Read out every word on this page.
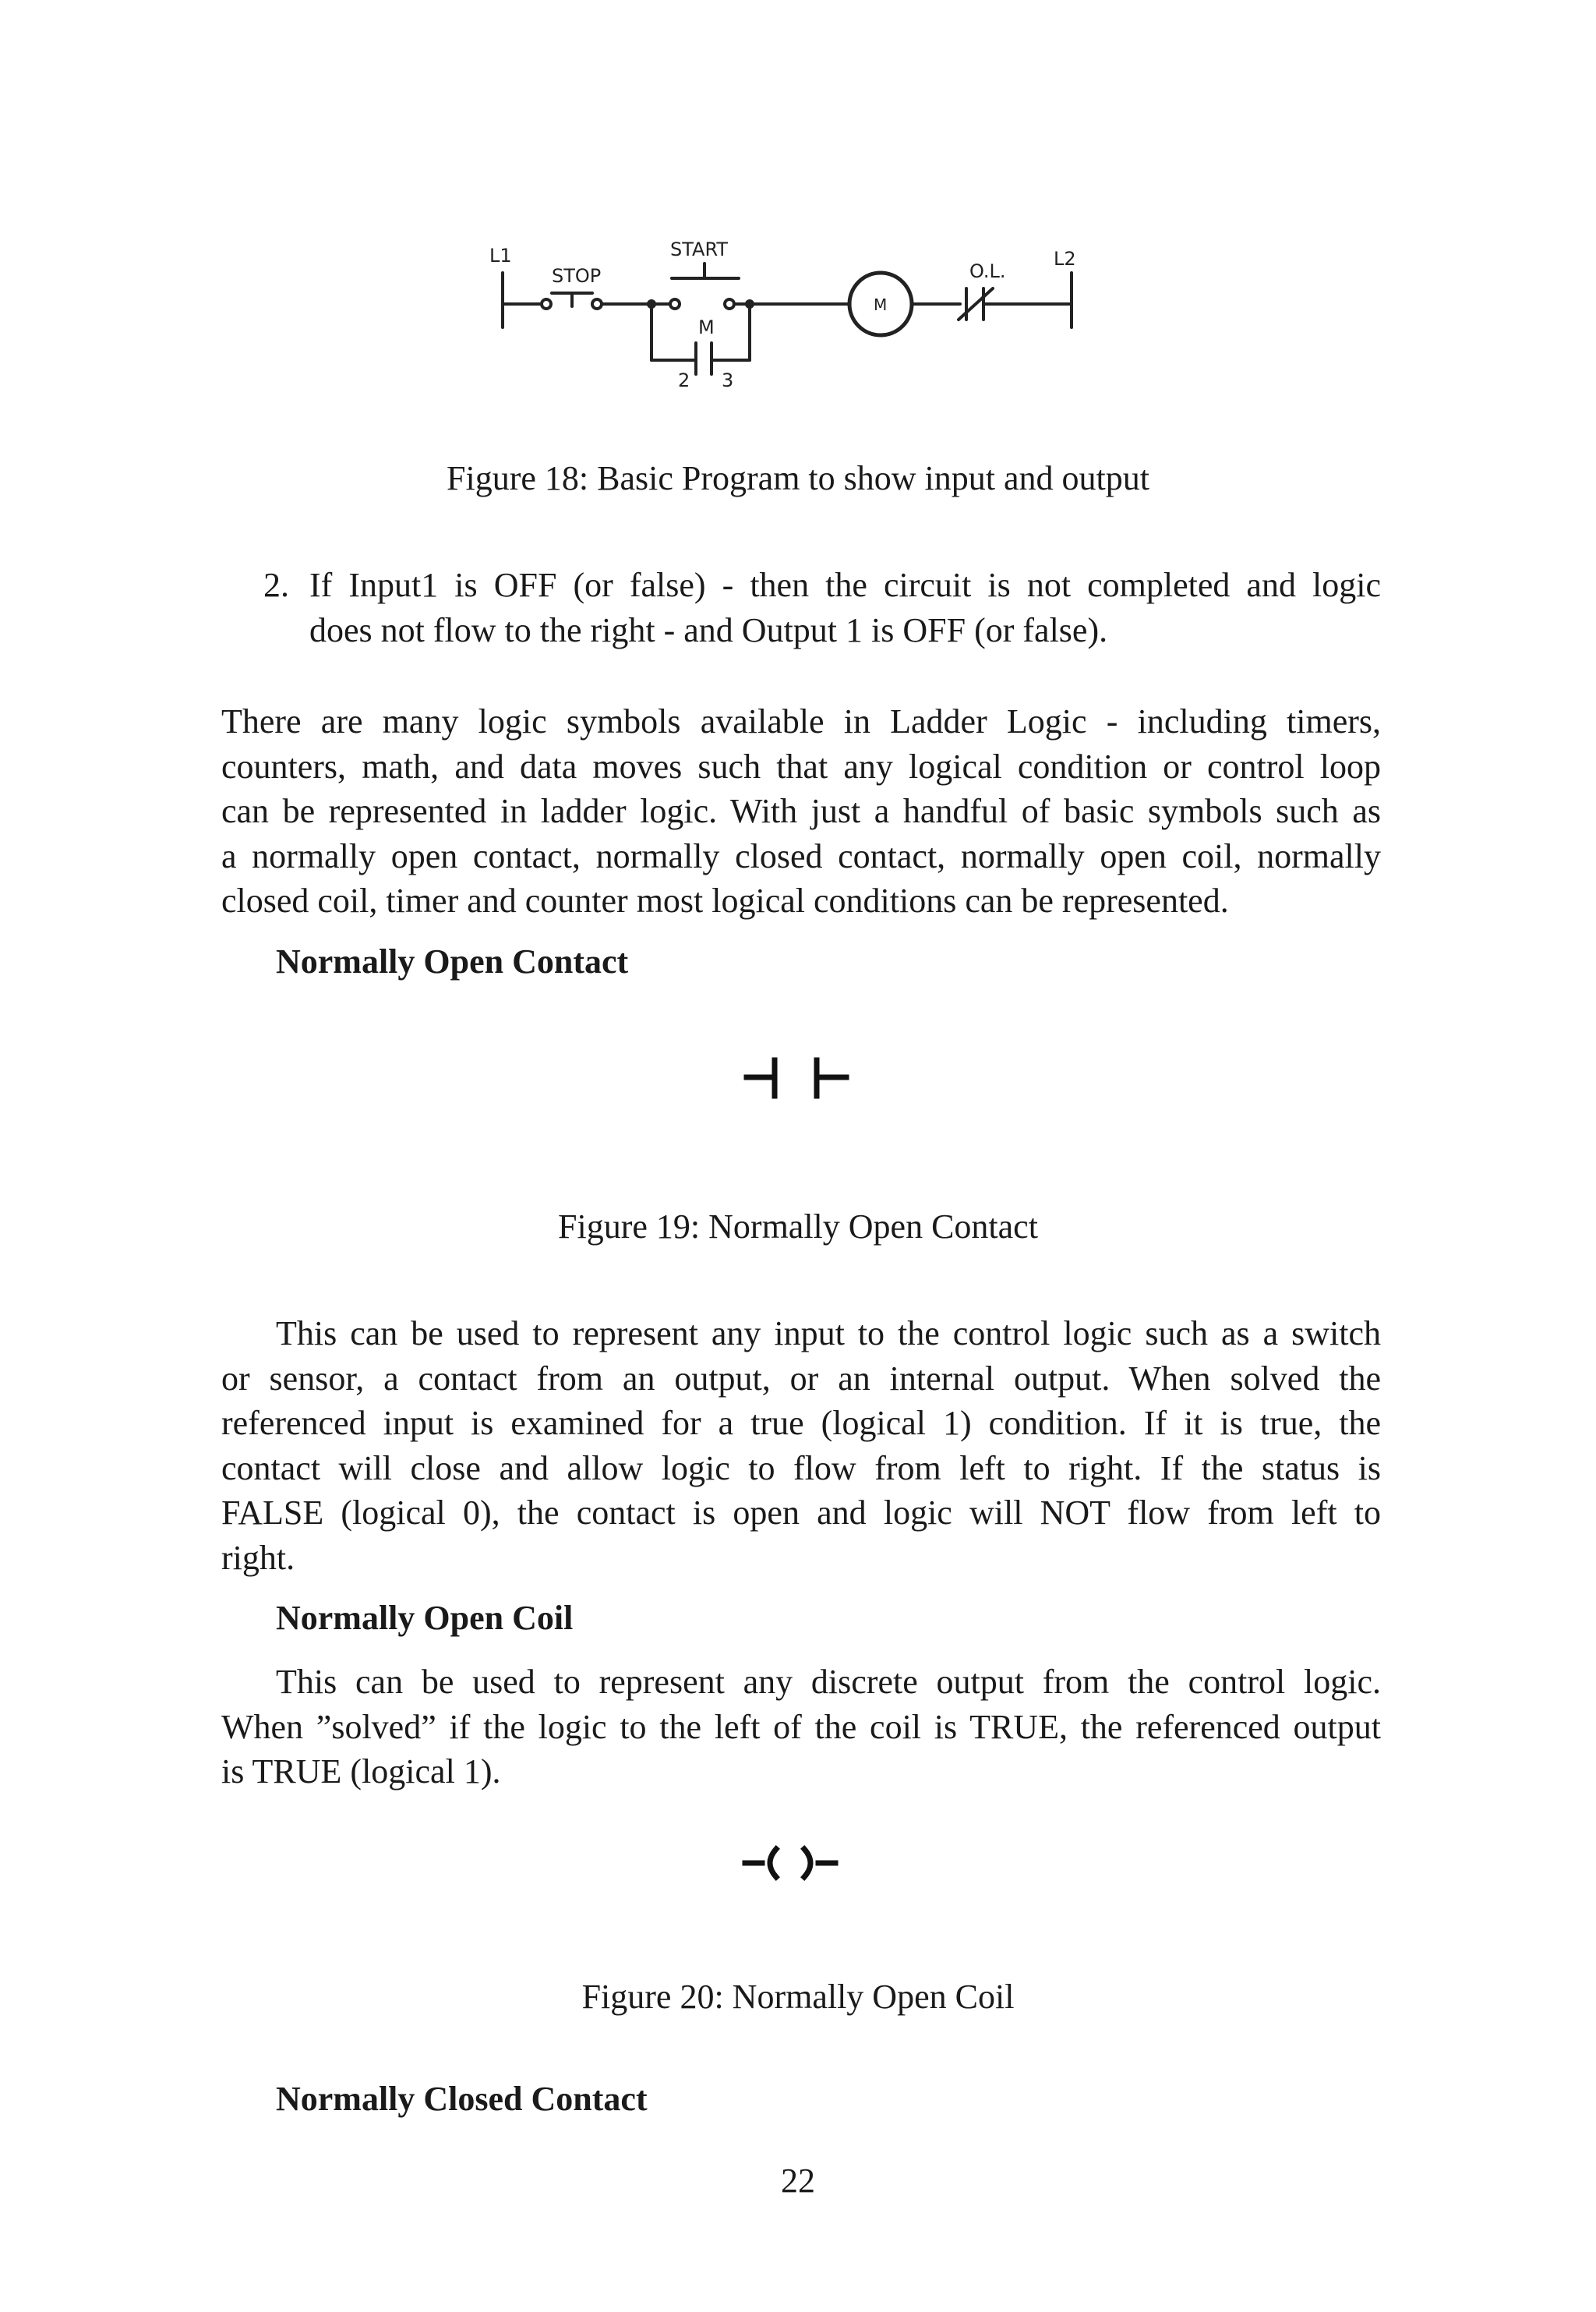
L1
STOP
START
M
2 3
M
O.L.
L2
Figure 18: Basic Program to show input and output
2. If Input1 is OFF (or false) - then the circuit is not completed and logic
does not flow to the right - and Output 1 is OFF (or false).
There are many logic symbols available in Ladder Logic - including timers,
counters, math, and data moves such that any logical condition or control loop
can be represented in ladder logic. With just a handful of basic symbols such as
a normally open contact, normally closed contact, normally open coil, normally
closed coil, timer and counter most logical conditions can be represented.
Normally Open Contact
Figure 19: Normally Open Contact
This can be used to represent any input to the control logic such as a switch
or sensor, a contact from an output, or an internal output. When solved the
referenced input is examined for a true (logical 1) condition. If it is true, the
contact will close and allow logic to flow from left to right. If the status is
FALSE (logical 0), the contact is open and logic will NOT flow from left to
right.
Normally Open Coil
This can be used to represent any discrete output from the control logic.
When ”solved” if the logic to the left of the coil is TRUE, the referenced output
is TRUE (logical 1).
Figure 20: Normally Open Coil
Normally Closed Contact
22
